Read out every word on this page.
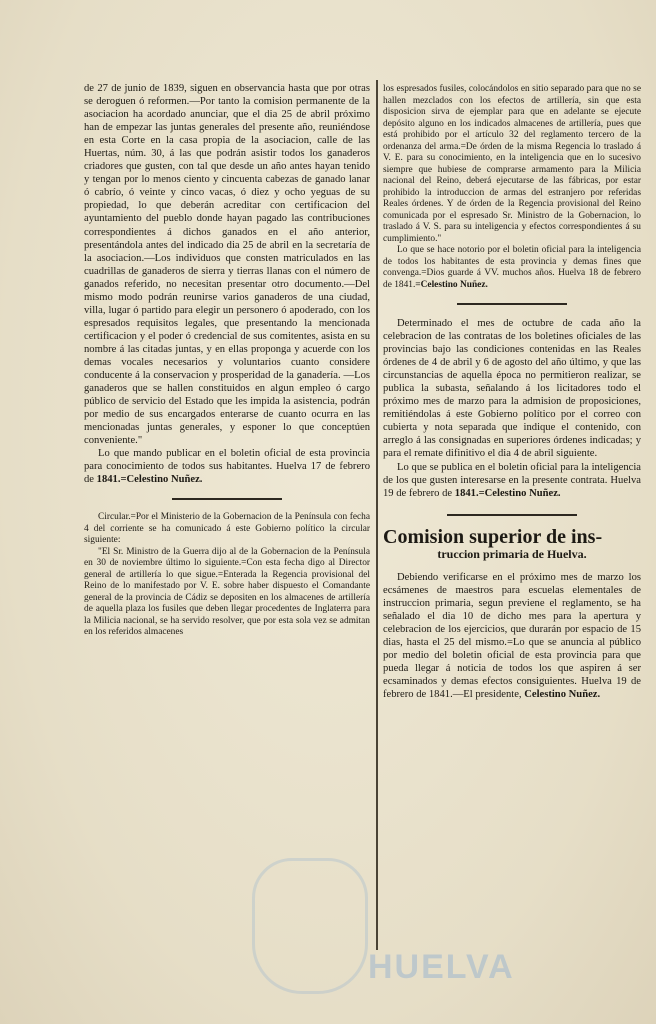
de 27 de junio de 1839, siguen en observancia hasta que por otras se deroguen ó reformen.—Por tanto la comision permanente de la asociacion ha acordado anunciar, que el dia 25 de abril próximo han de empezar las juntas generales del presente año, reuniéndose en esta Corte en la casa propia de la asociacion, calle de las Huertas, núm. 30, á las que podrán asistir todos los ganaderos criadores que gusten, con tal que desde un año antes hayan tenido y tengan por lo menos ciento y cincuenta cabezas de ganado lanar ó cabrío, ó veinte y cinco vacas, ó diez y ocho yeguas de su propiedad, lo que deberán acreditar con certificacion del ayuntamiento del pueblo donde hayan pagado las contribuciones correspondientes á dichos ganados en el año anterior, presentándola antes del indicado dia 25 de abril en la secretaría de la asociacion.—Los individuos que consten matriculados en las cuadrillas de ganaderos de sierra y tierras llanas con el número de ganados referido, no necesitan presentar otro documento.—Del mismo modo podrán reunirse varios ganaderos de una ciudad, villa, lugar ó partido para elegir un personero ó apoderado, con los espresados requisitos legales, que presentando la mencionada certificacion y el poder ó credencial de sus comitentes, asista en su nombre á las citadas juntas, y en ellas proponga y acuerde con los demas vocales necesarios y voluntarios cuanto considere conducente á la conservacion y prosperidad de la ganadería. —Los ganaderos que se hallen constituidos en algun empleo ó cargo público de servicio del Estado que les impida la asistencia, podrán por medio de sus encargados enterarse de cuanto ocurra en las mencionadas juntas generales, y esponer lo que conceptúen conveniente."

Lo que mando publicar en el boletin oficial de esta provincia para conocimiento de todos sus habitantes. Huelva 17 de febrero de 1841.=Celestino Nuñez.

Circular.=Por el Ministerio de la Gobernacion de la Península con fecha 4 del corriente se ha comunicado á este Gobierno político la circular siguiente:

"El Sr. Ministro de la Guerra dijo al de la Gobernacion de la Península en 30 de noviembre último lo siguiente.=Con esta fecha digo al Director general de artillería lo que sigue.=Enterada la Regencia provisional del Reino de lo manifestado por V. E. sobre haber dispuesto el Comandante general de la provincia de Cádiz se depositen en los almacenes de artillería de aquella plaza los fusiles que deben llegar procedentes de Inglaterra para la Milicia nacional, se ha servido resolver, que por esta sola vez se admitan en los referidos almacenes

los espresados fusiles, colocándolos en sitio separado para que no se hallen mezclados con los efectos de artillería, sin que esta disposicion sirva de ejemplar para que en adelante se ejecute depósito alguno en los indicados almacenes de artillería, pues que está prohibido por el artículo 32 del reglamento tercero de la ordenanza del arma.=De órden de la misma Regencia lo traslado á V. E. para su conocimiento, en la inteligencia que en lo sucesivo siempre que hubiese de comprarse armamento para la Milicia nacional del Reino, deberá ejecutarse de las fábricas, por estar prohibido la introduccion de armas del estranjero por referidas Reales órdenes. Y de órden de la Regencia provisional del Reino comunicada por el espresado Sr. Ministro de la Gobernacion, lo traslado á V. S. para su inteligencia y efectos correspondientes á su cumplimiento."

Lo que se hace notorio por el boletin oficial para la inteligencia de todos los habitantes de esta provincia y demas fines que convenga.=Dios guarde á VV. muchos años. Huelva 18 de febrero de 1841.=Celestino Nuñez.

Determinado el mes de octubre de cada año la celebracion de las contratas de los boletines oficiales de las provincias bajo las condiciones contenidas en las Reales órdenes de 4 de abril y 6 de agosto del año último, y que las circunstancias de aquella época no permitieron realizar, se publica la subasta, señalando á los licitadores todo el próximo mes de marzo para la admision de proposiciones, remitiéndolas á este Gobierno político por el correo con cubierta y nota separada que indique el contenido, con arreglo á las consignadas en superiores órdenes indicadas; y para el remate difinitivo el dia 4 de abril siguiente.

Lo que se publica en el boletin oficial para la inteligencia de los que gusten interesarse en la presente contrata. Huelva 19 de febrero de 1841.=Celestino Nuñez.

Comision superior de ins-
truccion primaria de Huelva.

Debiendo verificarse en el próximo mes de marzo los ecsámenes de maestros para escuelas elementales de instruccion primaria, segun previene el reglamento, se ha señalado el dia 10 de dicho mes para la apertura y celebracion de los ejercicios, que durarán por espacio de 15 dias, hasta el 25 del mismo.=Lo que se anuncia al público por medio del boletin oficial de esta provincia para que pueda llegar á noticia de todos los que aspiren á ser ecsaminados y demas efectos consiguientes. Huelva 19 de febrero de 1841.—El presidente, Celestino Nuñez.

HUELVA
